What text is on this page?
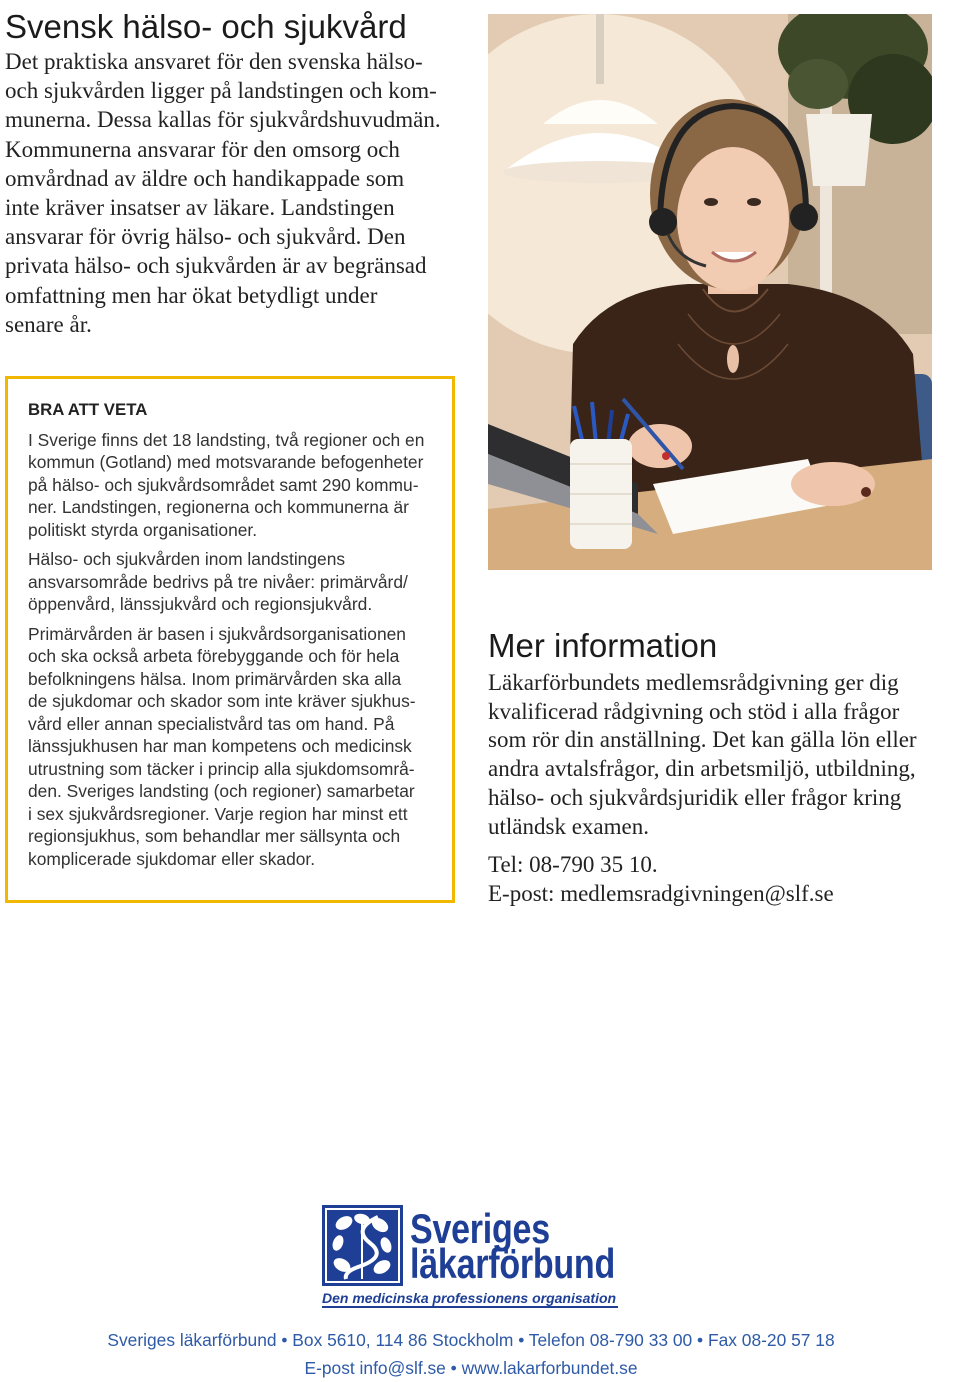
Svensk hälso- och sjukvård
Det praktiska ansvaret för den svenska hälso-
och sjukvården ligger på landstingen och kom-
munerna. Dessa kallas för sjukvårdshuvudmän.
Kommunerna ansvarar för den omsorg och
omvårdnad av äldre och handikappade som
inte kräver insatser av läkare. Landstingen
ansvarar för övrig hälso- och sjukvård. Den
privata hälso- och sjukvården är av begränsad
omfattning men har ökat betydligt under
senare år.
BRA ATT VETA
I Sverige finns det 18 landsting, två regioner och en
kommun (Gotland) med motsvarande befogenheter
på hälso- och sjukvårdsområdet samt 290 kommu-
ner. Landstingen, regionerna och kommunerna är
politiskt styrda organisationer.
Hälso- och sjukvården inom landstingens
ansvarsområde bedrivs på tre nivåer: primärvård/
öppenvård, länssjukvård och regionsjukvård.
Primärvården är basen i sjukvårdsorganisationen
och ska också arbeta förebyggande och för hela
befolkningens hälsa. Inom primärvården ska alla
de sjukdomar och skador som inte kräver sjukhus-
vård eller annan specialistvård tas om hand. På
länssjukhusen har man kompetens och medicinsk
utrustning som täcker i princip alla sjukdomsområ-
den. Sveriges landsting (och regioner) samarbetar
i sex sjukvårdsregioner. Varje region har minst ett
regionsjukhus, som behandlar mer sällsynta och
komplicerade sjukdomar eller skador.
Mer information
Läkarförbundets medlemsrådgivning ger dig
kvalificerad rådgivning och stöd i alla frågor
som rör din anställning. Det kan gälla lön eller
andra avtalsfrågor, din arbetsmiljö, utbildning,
hälso- och sjukvårdsjuridik eller frågor kring
utländsk examen.
Tel: 08-790 35 10.
E-post: medlemsradgivningen@slf.se
Sveriges
läkarförbund
Den medicinska professionens organisation
Sveriges läkarförbund • Box 5610, 114 86 Stockholm • Telefon 08-790 33 00 • Fax 08-20 57 18
E-post info@slf.se • www.lakarforbundet.se
